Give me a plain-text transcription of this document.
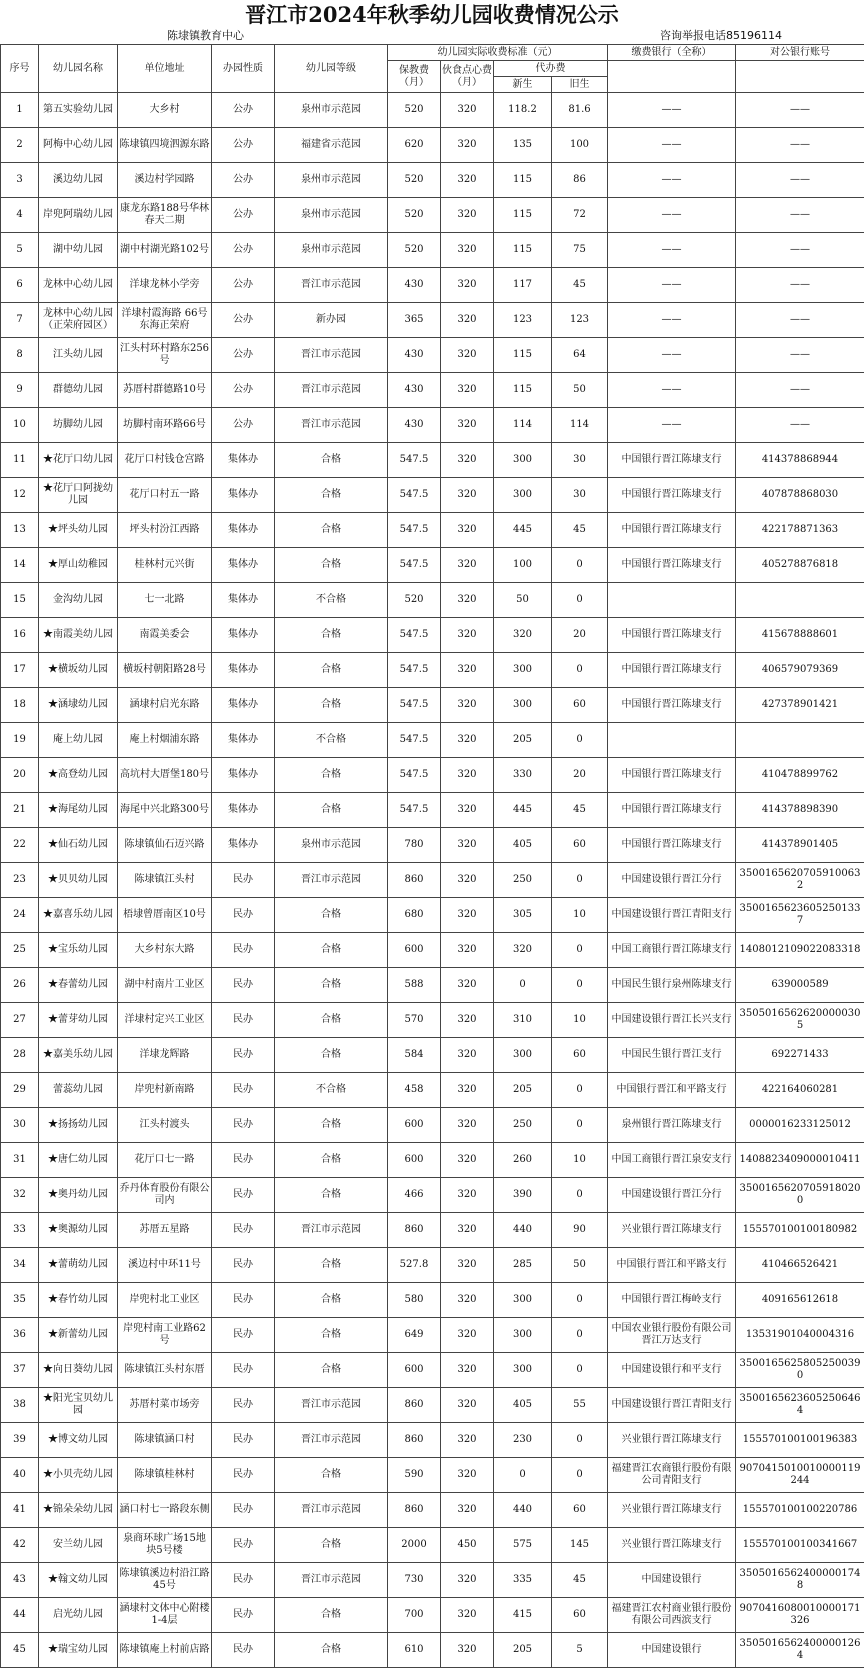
晋江市2024年秋季幼儿园收费情况公示
陈埭镇教育中心	咨询举报电话85196114
序号	幼儿园名称	单位地址	办园性质	幼儿园等级	幼儿园实际收费标准（元）				缴费银行（全称）	对公银行账号
					保教费（月）	伙食点心费（月）	代办费			
							新生	旧生		
1	第五实验幼儿园	大乡村	公办	泉州市示范园	520	320	118.2	81.6	——	——
2	阿梅中心幼儿园	陈埭镇四境泗源东路	公办	福建省示范园	620	320	135	100	——	——
3	溪边幼儿园	溪边村学园路	公办	泉州市示范园	520	320	115	86	——	——
4	岸兜阿瑞幼儿园	康龙东路188号华林春天二期	公办	泉州市示范园	520	320	115	72	——	——
5	湖中幼儿园	湖中村湖光路102号	公办	泉州市示范园	520	320	115	75	——	——
6	龙林中心幼儿园	洋埭龙林小学旁	公办	晋江市示范园	430	320	117	45	——	——
7	龙林中心幼儿园（正荣府园区）	洋埭村霞海路 66号东海正荣府	公办	新办园	365	320	123	123	——	——
8	江头幼儿园	江头村环村路东256号	公办	晋江市示范园	430	320	115	64	——	——
9	群德幼儿园	苏厝村群德路10号	公办	晋江市示范园	430	320	115	50	——	——
10	坊脚幼儿园	坊脚村南环路66号	公办	晋江市示范园	430	320	114	114	——	——
11	★花厅口幼儿园	花厅口村钱仓宫路	集体办	合格	547.5	320	300	30	中国银行晋江陈埭支行	414378868944
12	★花厅口阿拢幼儿园	花厅口村五一路	集体办	合格	547.5	320	300	30	中国银行晋江陈埭支行	407878868030
13	★坪头幼儿园	坪头村汾江西路	集体办	合格	547.5	320	445	45	中国银行晋江陈埭支行	422178871363
14	★厚山幼稚园	桂林村元兴街	集体办	合格	547.5	320	100	0	中国银行晋江陈埭支行	405278876818
15	金沟幼儿园	七一北路	集体办	不合格	520	320	50	0		
16	★南霞美幼儿园	南霞美委会	集体办	合格	547.5	320	320	20	中国银行晋江陈埭支行	415678888601
17	★横坂幼儿园	横坂村朝阳路28号	集体办	合格	547.5	320	300	0	中国银行晋江陈埭支行	406579079369
18	★涵埭幼儿园	涵埭村启光东路	集体办	合格	547.5	320	300	60	中国银行晋江陈埭支行	427378901421
19	庵上幼儿园	庵上村烟浦东路	集体办	不合格	547.5	320	205	0		
20	★高登幼儿园	高坑村大厝堡180号	集体办	合格	547.5	320	330	20	中国银行晋江陈埭支行	410478899762
21	★海尾幼儿园	海尾中兴北路300号	集体办	合格	547.5	320	445	45	中国银行晋江陈埭支行	414378898390
22	★仙石幼儿园	陈埭镇仙石迈兴路	集体办	泉州市示范园	780	320	405	60	中国银行晋江陈埭支行	414378901405
23	★贝贝幼儿园	陈埭镇江头村	民办	晋江市示范园	860	320	250	0	中国建设银行晋江分行	35001656207059100632
24	★嘉喜乐幼儿园	梧埭曾厝南区10号	民办	合格	680	320	305	10	中国建设银行晋江青阳支行	35001656236052501337
25	★宝乐幼儿园	大乡村东大路	民办	合格	600	320	320	0	中国工商银行晋江陈埭支行	1408012109022083318
26	★春蕾幼儿园	湖中村南片工业区	民办	合格	588	320	0	0	中国民生银行泉州陈埭支行	639000589
27	★蕾芽幼儿园	洋埭村定兴工业区	民办	合格	570	320	310	10	中国建设银行晋江长兴支行	35050165626200000305
28	★嘉美乐幼儿园	洋埭龙辉路	民办	合格	584	320	300	60	中国民生银行晋江支行	692271433
29	蕾蕊幼儿园	岸兜村新南路	民办	不合格	458	320	205	0	中国银行晋江和平路支行	422164060281
30	★扬扬幼儿园	江头村渡头	民办	合格	600	320	250	0	泉州银行晋江陈埭支行	0000016233125012
31	★唐仁幼儿园	花厅口七一路	民办	合格	600	320	260	10	中国工商银行晋江泉安支行	1408823409000010411
32	★奥丹幼儿园	乔丹体育股份有限公司内	民办	合格	466	320	390	0	中国建设银行晋江分行	35001656207059180200
33	★奥源幼儿园	苏厝五星路	民办	晋江市示范园	860	320	440	90	兴业银行晋江陈埭支行	155570100100180982
34	★蕾萌幼儿园	溪边村中环11号	民办	合格	527.8	320	285	50	中国银行晋江和平路支行	410466526421
35	★春竹幼儿园	岸兜村北工业区	民办	合格	580	320	300	0	中国银行晋江梅岭支行	409165612618
36	★新蕾幼儿园	岸兜村南工业路62号	民办	合格	649	320	300	0	中国农业银行股份有限公司晋江万达支行	13531901040004316
37	★向日葵幼儿园	陈埭镇江头村东厝	民办	合格	600	320	300	0	中国建设银行和平支行	35001656258052500390
38	★阳光宝贝幼儿园	苏厝村菜市场旁	民办	晋江市示范园	860	320	405	55	中国建设银行晋江青阳支行	35001656236052506464
39	★博文幼儿园	陈埭镇涵口村	民办	晋江市示范园	860	320	230	0	兴业银行晋江陈埭支行	155570100100196383
40	★小贝壳幼儿园	陈埭镇桂林村	民办	合格	590	320	0	0	福建晋江农商银行股份有限公司青阳支行	9070415010010000119244
41	★锦朵朵幼儿园	涵口村七一路段东侧	民办	晋江市示范园	860	320	440	60	兴业银行晋江陈埭支行	155570100100220786
42	安兰幼儿园	泉商环球广场15地块5号楼	民办	合格	2000	450	575	145	兴业银行晋江陈埭支行	155570100100341667
43	★翰文幼儿园	陈埭镇溪边村沿江路45号	民办	晋江市示范园	730	320	335	45	中国建设银行	35050165624000001748
44	启光幼儿园	涵埭村文体中心附楼1-4层	民办	合格	700	320	415	60	福建晋江农村商业银行股份有限公司西滨支行	9070416080010000171326
45	★瑞宝幼儿园	陈埭镇庵上村前店路	民办	合格	610	320	205	5	中国建设银行	35050165624000001264
